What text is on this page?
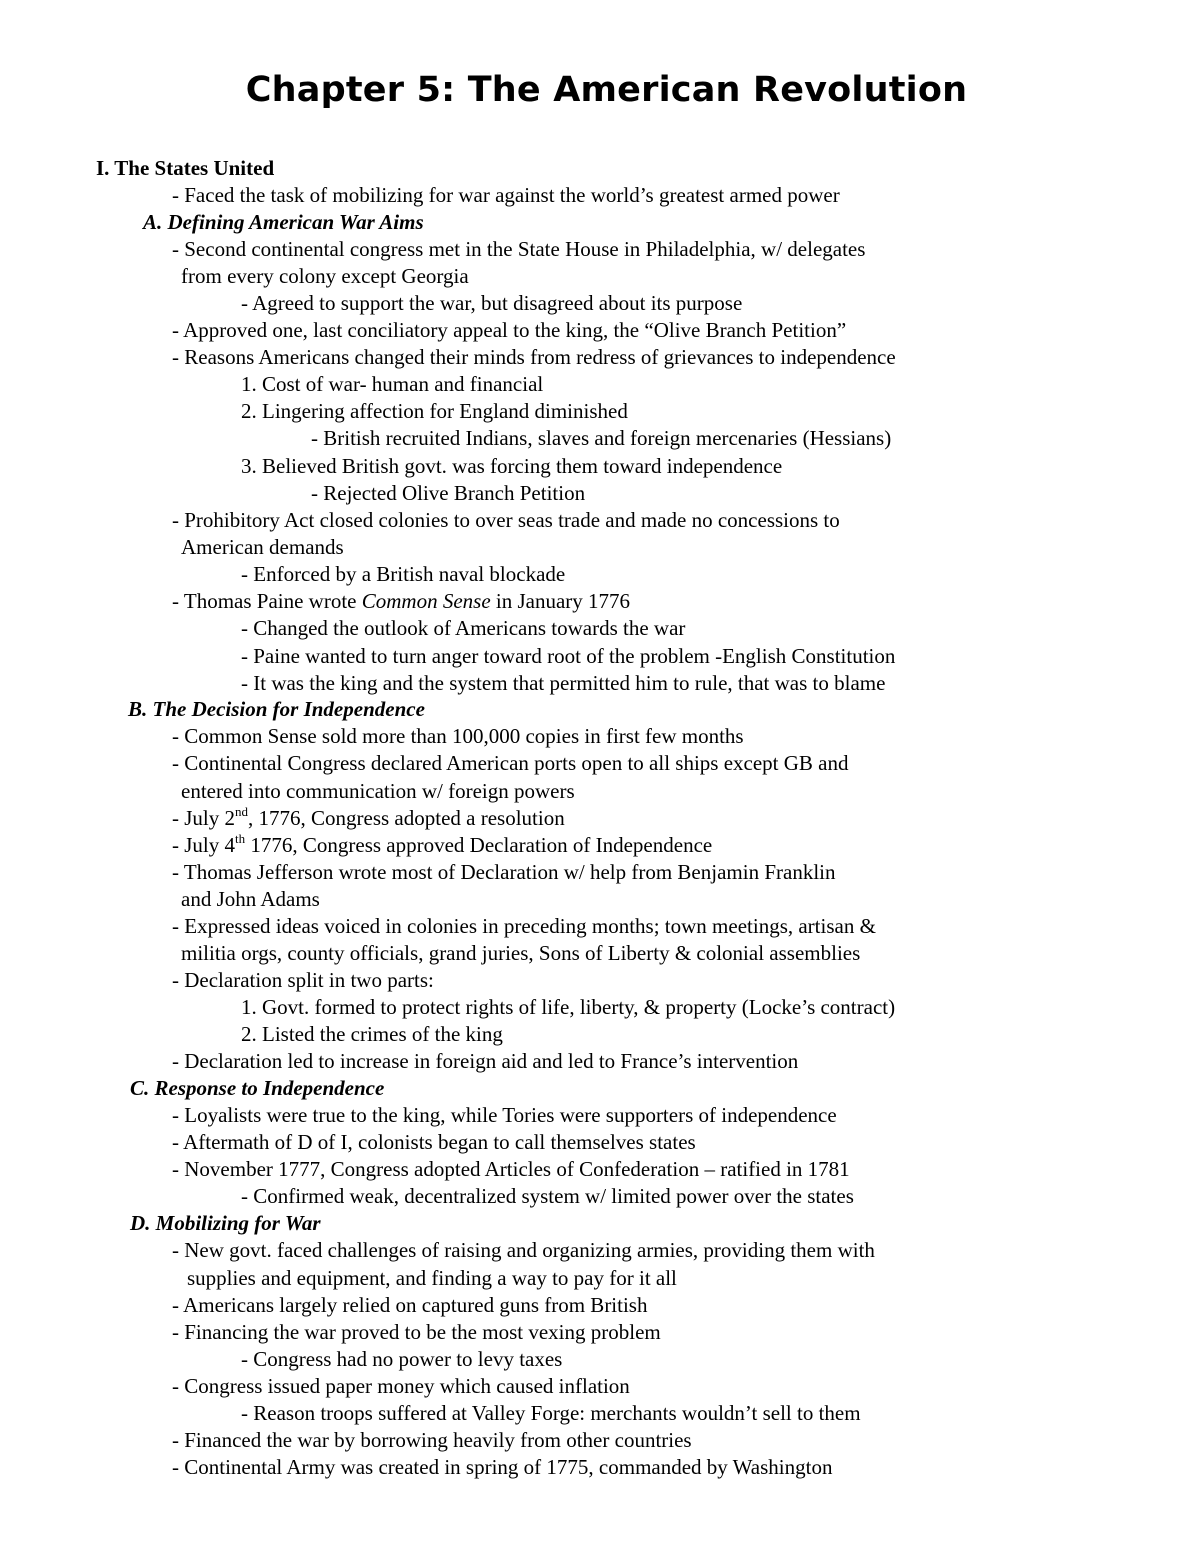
Chapter 5: The American Revolution
I. The States United
- Faced the task of mobilizing for war against the world’s greatest armed power
A. Defining American War Aims
- Second continental congress met in the State House in Philadelphia, w/ delegates
from every colony except Georgia
- Agreed to support the war, but disagreed about its purpose
- Approved one, last conciliatory appeal to the king, the “Olive Branch Petition”
- Reasons Americans changed their minds from redress of grievances to independence
1. Cost of war- human and financial
2. Lingering affection for England diminished
- British recruited Indians, slaves and foreign mercenaries (Hessians)
3. Believed British govt. was forcing them toward independence
- Rejected Olive Branch Petition
- Prohibitory Act closed colonies to over seas trade and made no concessions to
American demands
- Enforced by a British naval blockade
- Thomas Paine wrote Common Sense in January 1776
- Changed the outlook of Americans towards the war
- Paine wanted to turn anger toward root of the problem -English Constitution
- It was the king and the system that permitted him to rule, that was to blame
B. The Decision for Independence
- Common Sense sold more than 100,000 copies in first few months
- Continental Congress declared American ports open to all ships except GB and
entered into communication w/ foreign powers
- July 2nd, 1776, Congress adopted a resolution
- July 4th 1776, Congress approved Declaration of Independence
- Thomas Jefferson wrote most of Declaration w/ help from Benjamin Franklin
and John Adams
- Expressed ideas voiced in colonies in preceding months; town meetings, artisan &
militia orgs, county officials, grand juries, Sons of Liberty & colonial assemblies
- Declaration split in two parts:
1. Govt. formed to protect rights of life, liberty, & property (Locke’s contract)
2. Listed the crimes of the king
- Declaration led to increase in foreign aid and led to France’s intervention
C. Response to Independence
- Loyalists were true to the king, while Tories were supporters of independence
- Aftermath of D of I, colonists began to call themselves states
- November 1777, Congress adopted Articles of Confederation – ratified in 1781
- Confirmed weak, decentralized system w/ limited power over the states
D. Mobilizing for War
- New govt. faced challenges of raising and organizing armies, providing them with
supplies and equipment, and finding a way to pay for it all
- Americans largely relied on captured guns from British
- Financing the war proved to be the most vexing problem
- Congress had no power to levy taxes
- Congress issued paper money which caused inflation
- Reason troops suffered at Valley Forge: merchants wouldn’t sell to them
- Financed the war by borrowing heavily from other countries
- Continental Army was created in spring of 1775, commanded by Washington
